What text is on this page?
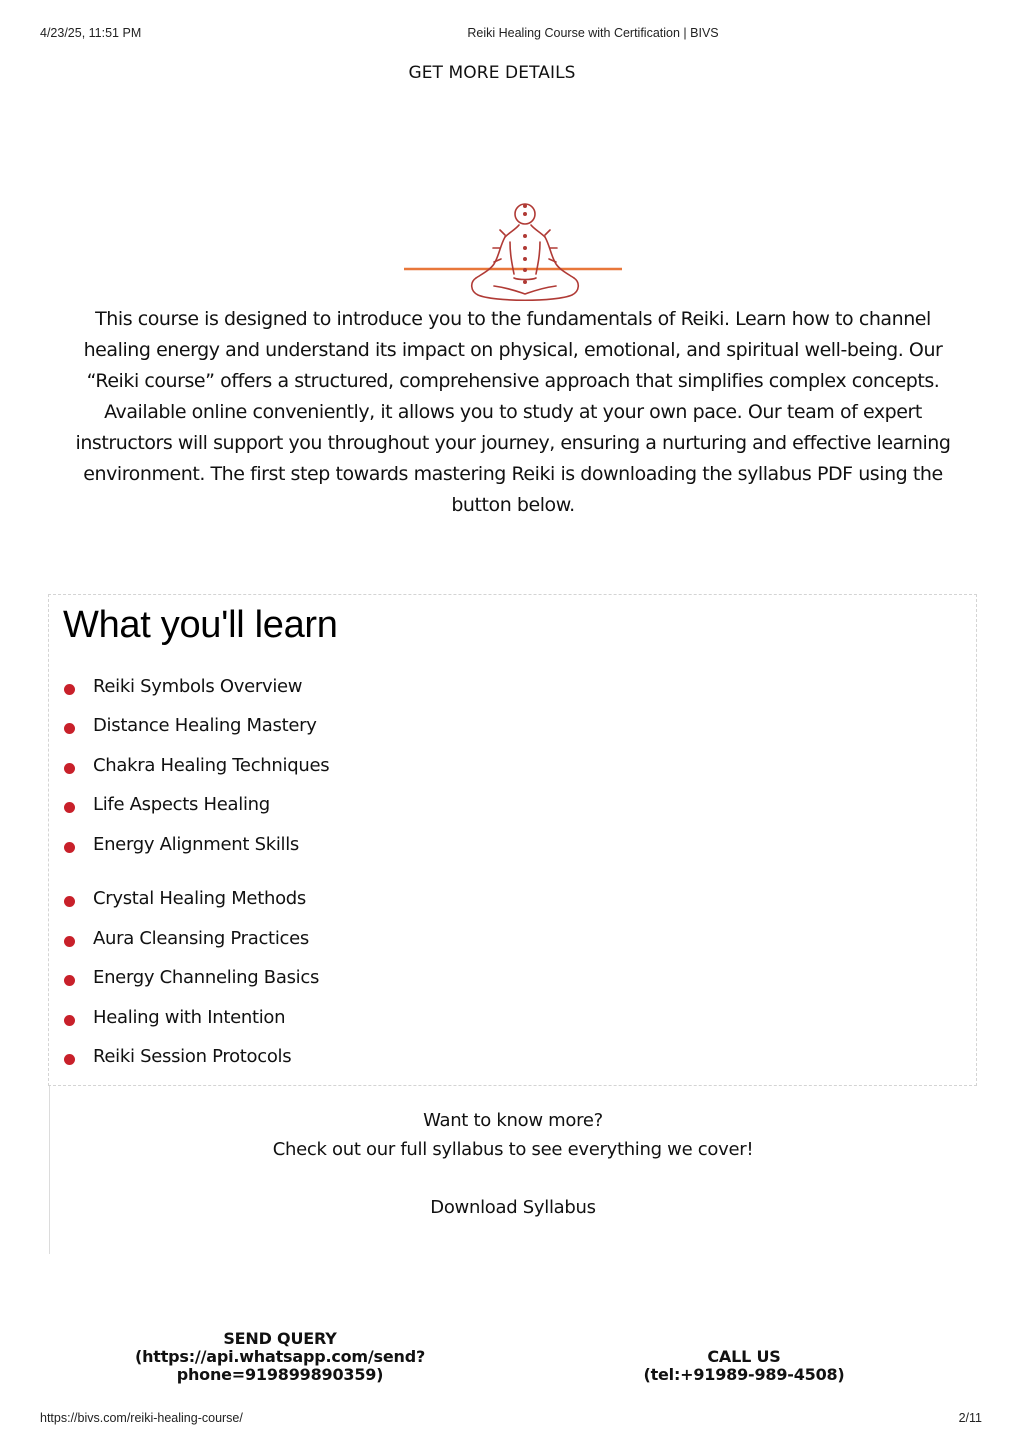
4/23/25, 11:51 PM	Reiki Healing Course with Certification | BIVS
GET MORE DETAILS
This course is designed to introduce you to the fundamentals of Reiki. Learn how to channel healing energy and understand its impact on physical, emotional, and spiritual well-being. Our “Reiki course” offers a structured, comprehensive approach that simplifies complex concepts. Available online conveniently, it allows you to study at your own pace. Our team of expert instructors will support you throughout your journey, ensuring a nurturing and effective learning environment. The first step towards mastering Reiki is downloading the syllabus PDF using the button below.
What you'll learn
Reiki Symbols Overview
Distance Healing Mastery
Chakra Healing Techniques
Life Aspects Healing
Energy Alignment Skills
Crystal Healing Methods
Aura Cleansing Practices
Energy Channeling Basics
Healing with Intention
Reiki Session Protocols
Want to know more?
Check out our full syllabus to see everything we cover!
Download Syllabus
SEND QUERY
(https://api.whatsapp.com/send?
phone=919899890359)
CALL US
(tel:+91989-989-4508)
https://bivs.com/reiki-healing-course/	2/11
